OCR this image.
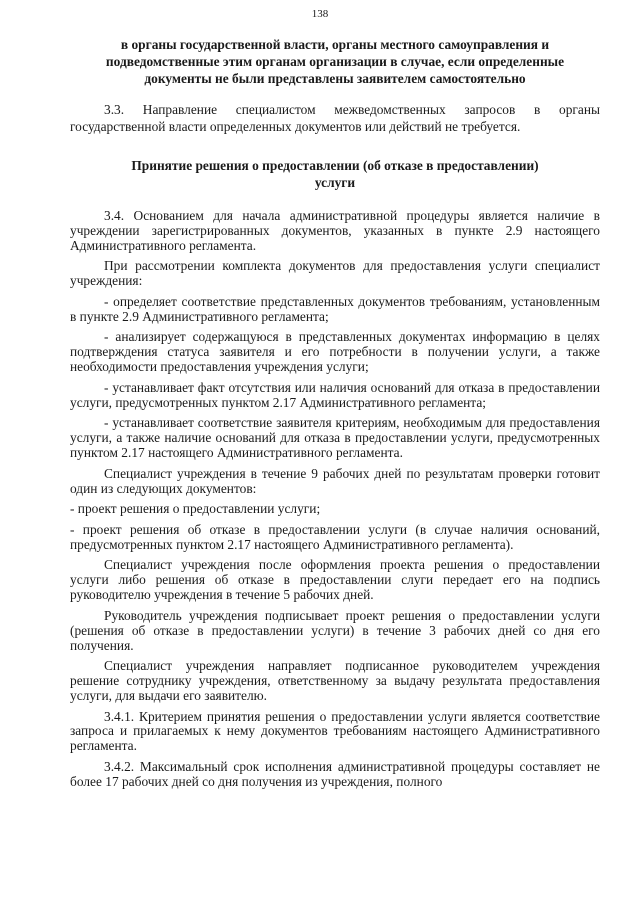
138
в органы государственной власти, органы местного самоуправления и
подведомственные этим органам организации в случае, если определенные
документы не были представлены заявителем самостоятельно
3.3. Направление специалистом межведомственных запросов в органы государственной власти определенных документов или действий не требуется.
Принятие решения о предоставлении (об отказе в предоставлении)
услуги

3.4. Основанием для начала административной процедуры является наличие в учреждении зарегистрированных документов, указанных в пункте 2.9 настоящего Административного регламента.

При рассмотрении комплекта документов для предоставления услуги специалист учреждения:

- определяет соответствие представленных документов требованиям, установленным в пункте 2.9 Административного регламента;

- анализирует содержащуюся в представленных документах информацию в целях подтверждения статуса заявителя и его потребности в получении услуги, а также необходимости предоставления учреждения услуги;

- устанавливает факт отсутствия или наличия оснований для отказа в предоставлении услуги, предусмотренных пунктом 2.17 Административного регламента;

- устанавливает соответствие заявителя критериям, необходимым для предоставления услуги, а также наличие оснований для отказа в предоставлении услуги, предусмотренных пунктом 2.17 настоящего Административного регламента.

Специалист учреждения в течение 9 рабочих дней по результатам проверки готовит один из следующих документов:

- проект решения о предоставлении услуги;

- проект решения об отказе в предоставлении услуги (в случае наличия оснований, предусмотренных пунктом 2.17 настоящего Административного регламента).

Специалист учреждения после оформления проекта решения о предоставлении услуги либо решения об отказе в предоставлении слуги передает его на подпись руководителю учреждения в течение 5 рабочих дней.

Руководитель учреждения подписывает проект решения о предоставлении услуги (решения об отказе в предоставлении услуги) в течение 3 рабочих дней со дня его получения.

Специалист учреждения направляет подписанное руководителем учреждения решение сотруднику учреждения, ответственному за выдачу результата предоставления услуги, для выдачи его заявителю.

3.4.1. Критерием принятия решения о предоставлении услуги является соответствие запроса и прилагаемых к нему документов требованиям настоящего Административного регламента.

3.4.2. Максимальный срок исполнения административной процедуры составляет не более 17 рабочих дней со дня получения из учреждения, полного
